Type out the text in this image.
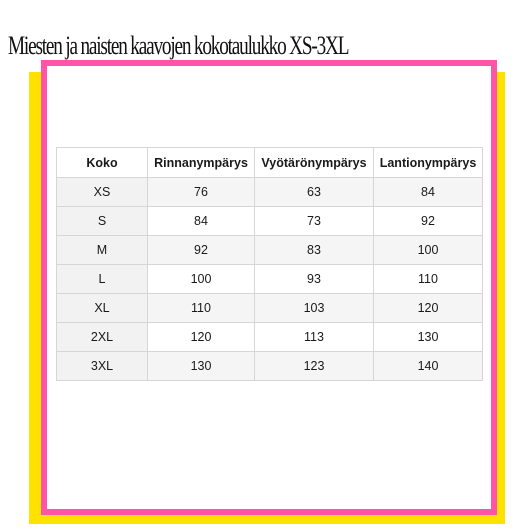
Miesten ja naisten kaavojen kokotaulukko XS-3XL
Koko	Rinnanympärys	Vyötärönympärys	Lantionympärys
XS	76	63	84
S	84	73	92
M	92	83	100
L	100	93	110
XL	110	103	120
2XL	120	113	130
3XL	130	123	140
